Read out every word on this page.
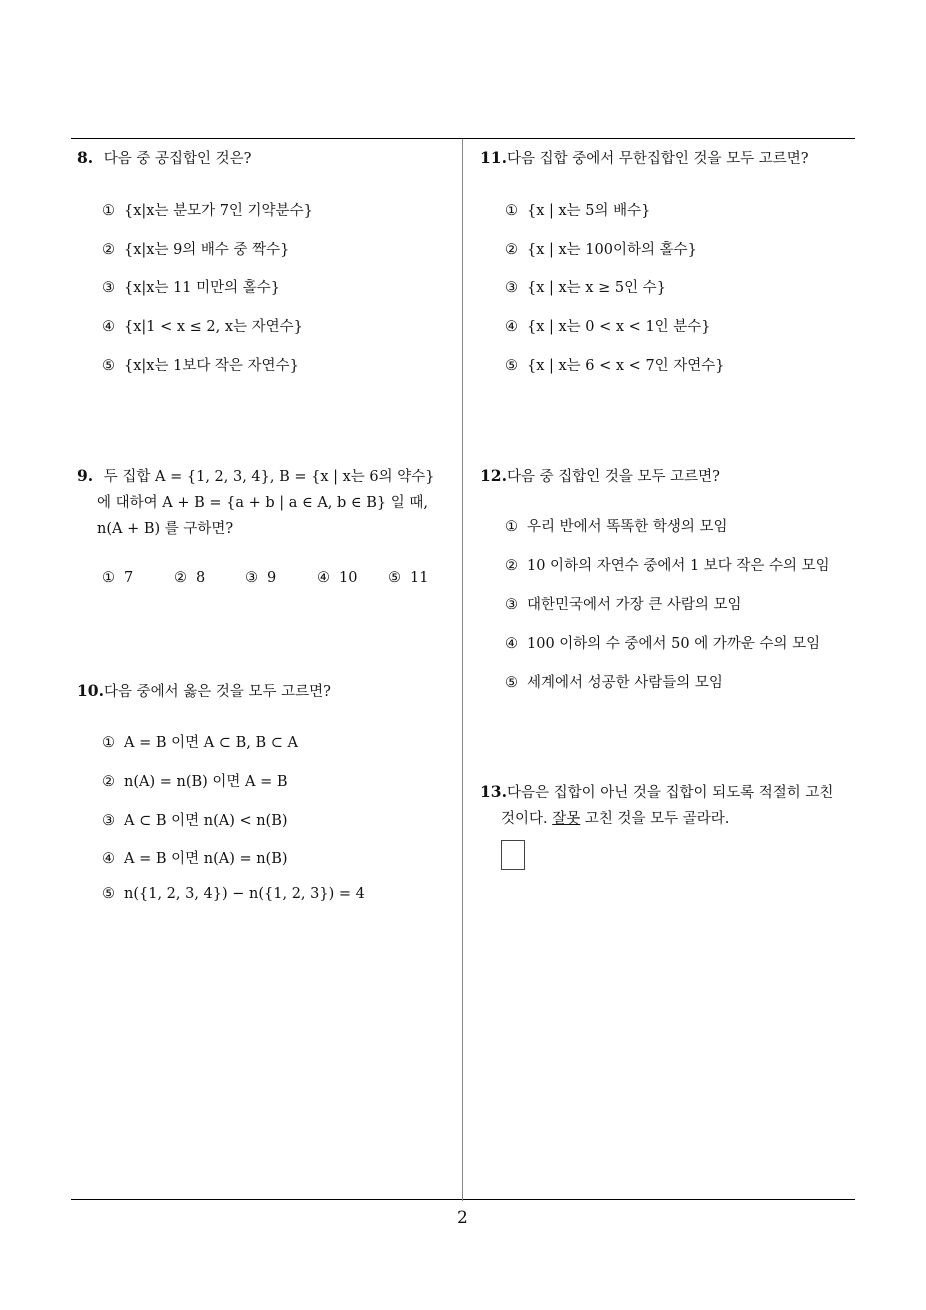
8. 다음 중 공집합인 것은?
① {x|x는 분모가 7인 기약분수}
② {x|x는 9의 배수 중 짝수}
③ {x|x는 11 미만의 홀수}
④ {x|1 < x ≤ 2, x는 자연수}
⑤ {x|x는 1보다 작은 자연수}
9. 두 집합 A = {1, 2, 3, 4}, B = {x | x는 6의 약수}
에 대하여 A + B = {a + b | a ∈ A, b ∈ B} 일 때,
n(A + B) 를 구하면?
① 7	② 8	③ 9	④ 10 ⑤ 11
10.다음 중에서 옳은 것을 모두 고르면?
① A = B 이면 A ⊂ B, B ⊂ A
② n(A) = n(B) 이면 A = B
③ A ⊂ B 이면 n(A) < n(B)
④ A = B 이면 n(A) = n(B)
⑤ n({1, 2, 3, 4}) − n({1, 2, 3}) = 4
11.다음 집합 중에서 무한집합인 것을 모두 고르면?
① {x | x는 5의 배수}
② {x | x는 100이하의 홀수}
③ {x | x는 x ≥ 5인 수}
④ {x | x는 0 < x < 1인 분수}
⑤ {x | x는 6 < x < 7인 자연수}
12.다음 중 집합인 것을 모두 고르면?
① 우리 반에서 똑똑한 학생의 모임
② 10 이하의 자연수 중에서 1 보다 작은 수의 모임
③ 대한민국에서 가장 큰 사람의 모임
④ 100 이하의 수 중에서 50 에 가까운 수의 모임
⑤ 세계에서 성공한 사람들의 모임
13.다음은 집합이 아닌 것을 집합이 되도록 적절히 고친
것이다. 잘못 고친 것을 모두 골라라.
2
